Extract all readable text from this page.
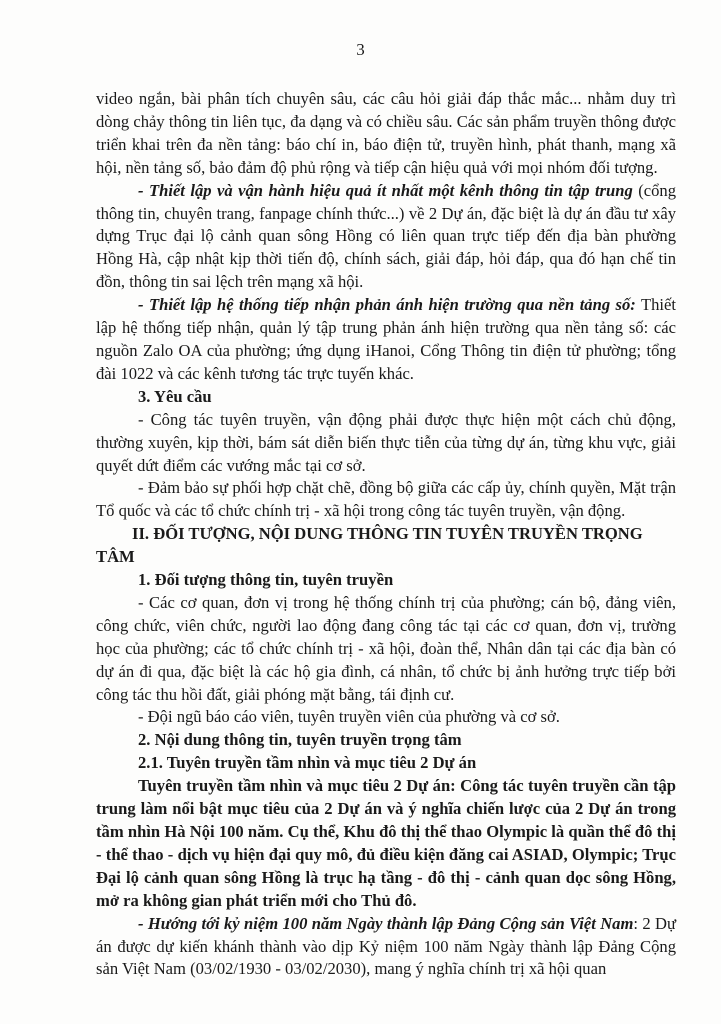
3

video ngắn, bài phân tích chuyên sâu, các câu hỏi giải đáp thắc mắc... nhằm duy trì dòng chảy thông tin liên tục, đa dạng và có chiều sâu. Các sản phẩm truyền thông được triển khai trên đa nền tảng: báo chí in, báo điện tử, truyền hình, phát thanh, mạng xã hội, nền tảng số, bảo đảm độ phủ rộng và tiếp cận hiệu quả với mọi nhóm đối tượng.

- Thiết lập và vận hành hiệu quả ít nhất một kênh thông tin tập trung (cổng thông tin, chuyên trang, fanpage chính thức...) về 2 Dự án, đặc biệt là dự án đầu tư xây dựng Trục đại lộ cảnh quan sông Hồng có liên quan trực tiếp đến địa bàn phường Hồng Hà, cập nhật kịp thời tiến độ, chính sách, giải đáp, hỏi đáp, qua đó hạn chế tin đồn, thông tin sai lệch trên mạng xã hội.

- Thiết lập hệ thống tiếp nhận phản ánh hiện trường qua nền tảng số: Thiết lập hệ thống tiếp nhận, quản lý tập trung phản ánh hiện trường qua nền tảng số: các nguồn Zalo OA của phường; ứng dụng iHanoi, Cổng Thông tin điện tử phường; tổng đài 1022 và các kênh tương tác trực tuyến khác.

3. Yêu cầu

- Công tác tuyên truyền, vận động phải được thực hiện một cách chủ động, thường xuyên, kịp thời, bám sát diễn biến thực tiễn của từng dự án, từng khu vực, giải quyết dứt điểm các vướng mắc tại cơ sở.

- Đảm bảo sự phối hợp chặt chẽ, đồng bộ giữa các cấp ủy, chính quyền, Mặt trận Tổ quốc và các tổ chức chính trị - xã hội trong công tác tuyên truyền, vận động.

II. ĐỐI TƯỢNG, NỘI DUNG THÔNG TIN TUYÊN TRUYỀN TRỌNG TÂM

1. Đối tượng thông tin, tuyên truyền

- Các cơ quan, đơn vị trong hệ thống chính trị của phường; cán bộ, đảng viên, công chức, viên chức, người lao động đang công tác tại các cơ quan, đơn vị, trường học của phường; các tổ chức chính trị - xã hội, đoàn thể, Nhân dân tại các địa bàn có dự án đi qua, đặc biệt là các hộ gia đình, cá nhân, tổ chức bị ảnh hưởng trực tiếp bởi công tác thu hồi đất, giải phóng mặt bằng, tái định cư.

- Đội ngũ báo cáo viên, tuyên truyền viên của phường và cơ sở.

2. Nội dung thông tin, tuyên truyền trọng tâm

2.1. Tuyên truyền tầm nhìn và mục tiêu 2 Dự án

Tuyên truyền tầm nhìn và mục tiêu 2 Dự án: Công tác tuyên truyền cần tập trung làm nổi bật mục tiêu của 2 Dự án và ý nghĩa chiến lược của 2 Dự án trong tầm nhìn Hà Nội 100 năm. Cụ thể, Khu đô thị thể thao Olympic là quần thể đô thị - thể thao - dịch vụ hiện đại quy mô, đủ điều kiện đăng cai ASIAD, Olympic; Trục Đại lộ cảnh quan sông Hồng là trục hạ tầng - đô thị - cảnh quan dọc sông Hồng, mở ra không gian phát triển mới cho Thủ đô.

- Hướng tới kỷ niệm 100 năm Ngày thành lập Đảng Cộng sản Việt Nam: 2 Dự án được dự kiến khánh thành vào dịp Kỷ niệm 100 năm Ngày thành lập Đảng Cộng sản Việt Nam (03/02/1930 - 03/02/2030), mang ý nghĩa chính trị xã hội quan
